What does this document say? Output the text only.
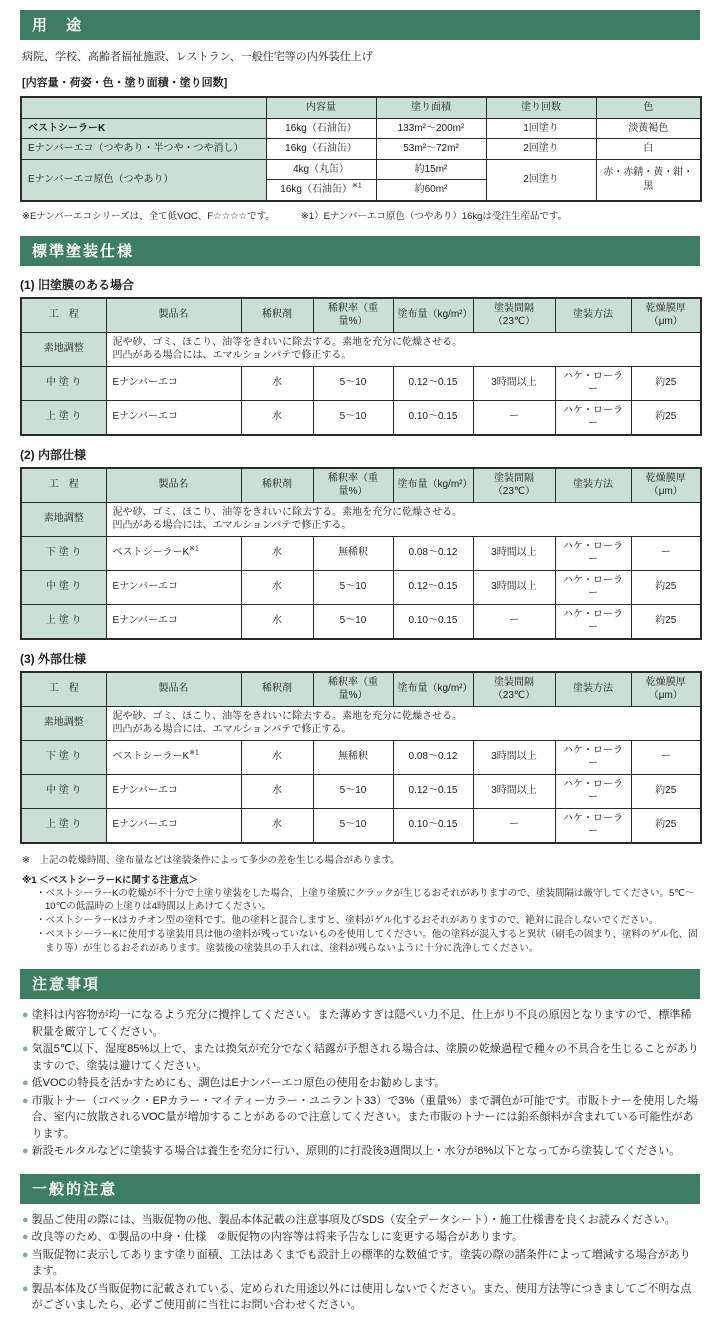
用　途
病院、学校、高齢者福祉施設、レストラン、一般住宅等の内外装仕上げ
[内容量・荷姿・色・塗り面積・塗り回数]
	内容量	塗り面積	塗り回数	色
ベストシーラーK	16kg（石油缶）	133m²〜200m²	1回塗り	淡黄褐色
Eナンバーエコ（つやあり・半つや・つや消し）	16kg（石油缶）	53m²〜72m²	2回塗り	白
Eナンバーエコ原色（つやあり）	4kg（丸缶）	約15m²	2回塗り	赤・赤錆・黄・紺・黒
	16kg（石油缶）$^{※1}$	約60m²		
※Eナンバーエコシリーズは、全て低VOC、F☆☆☆☆です。	※1）Eナンバーエコ原色（つやあり）16kgは受注生産品です。
標準塗装仕様
(1) 旧塗膜のある場合
工　程	製品名	稀釈剤	稀釈率（重量%）	塗布量（kg/m²）	塗装間隔（23℃）	塗装方法	乾燥膜厚（μm）
素地調整	泥や砂、ゴミ、ほこり、油等をきれいに除去する。素地を充分に乾燥させる。
凹凸がある場合には、エマルションパテで修正する。						

中 塗 り	Eナンバーエコ	水	5〜10	0.12〜0.15	3時間以上	ハケ・ローラー	約25
上 塗 り	Eナンバーエコ	水	5〜10	0.10〜0.15	ー	ハケ・ローラー	約25
(2) 内部仕様
工　程	製品名	稀釈剤	稀釈率（重量%）	塗布量（kg/m²）	塗装間隔（23℃）	塗装方法	乾燥膜厚（μm）
素地調整	泥や砂、ゴミ、ほこり、油等をきれいに除去する。素地を充分に乾燥させる。
凹凸がある場合には、エマルションパテで修正する。						

下 塗 り	ベストシーラー$K^{※1}$	水	無稀釈	0.08〜0.12	3時間以上	ハケ・ローラー	ー
中 塗 り	Eナンバーエコ	水	5〜10	0.12〜0.15	3時間以上	ハケ・ローラー	約25
上 塗 り	Eナンバーエコ	水	5〜10	0.10〜0.15	ー	ハケ・ローラー	約25
(3) 外部仕様
工　程	製品名	稀釈剤	稀釈率（重量%）	塗布量（kg/m²）	塗装間隔（23℃）	塗装方法	乾燥膜厚（μm）
素地調整	泥や砂、ゴミ、ほこり、油等をきれいに除去する。素地を充分に乾燥させる。
凹凸がある場合には、エマルションパテで修正する。						

下 塗 り	ベストシーラー$K^{※1}$	水	無稀釈	0.08〜0.12	3時間以上	ハケ・ローラー	ー
中 塗 り	Eナンバーエコ	水	5〜10	0.12〜0.15	3時間以上	ハケ・ローラー	約25
上 塗 り	Eナンバーエコ	水	5〜10	0.10〜0.15	ー	ハケ・ローラー	約25
※　上記の乾燥時間、塗布量などは塗装条件によって多少の差を生じる場合があります。
※1 ＜ベストシーラーKに関する注意点＞
・ベストシーラーKの乾燥が不十分で上塗り塗装をした場合、上塗り塗膜にクラックが生じるおそれがありますので、塗装間隔は厳守してください。5℃〜10℃の低温時の上塗りは4時間以上あけてください。
・ベストシーラーKはカチオン型の塗料です。他の塗料と混合しますと、塗料がゲル化するおそれがありますので、絶対に混合しないでください。
・ベストシーラーKに使用する塗装用具は他の塗料が残っていないものを使用してください。他の塗料が混入すると異状（刷毛の固まり、塗料のゲル化、固まり等）が生じるおそれがあります。塗装後の塗装具の手入れは、塗料が残らないように十分に洗浄してください。
注意事項
● 塗料は内容物が均一になるよう充分に攪拌してください。また薄めすぎは隠ぺい力不足、仕上がり不良の原因となりますので、標準稀釈量を厳守してください。
● 気温5℃以下、湿度85%以上で、または換気が充分でなく結露が予想される場合は、塗膜の乾燥過程で種々の不具合を生じることがありますので、塗装は避けてください。
● 低VOCの特長を活かすためにも、調色はEナンバーエコ原色の使用をお勧めします。
● 市販トナー（コベック・EPカラー・マイティーカラー・ユニラント33）で3%（重量%）まで調色が可能です。市販トナーを使用した場合、室内に放散されるVOC量が増加することがあるので注意してください。また市販のトナーには鉛系顔料が含まれている可能性があります。
● 新設モルタルなどに塗装する場合は養生を充分に行い、原則的に打設後3週間以上・水分が8%以下となってから塗装してください。
一般的注意
● 製品ご使用の際には、当販促物の他、製品本体記載の注意事項及びSDS（安全データシート）・施工仕様書を良くお読みください。
● 改良等のため、①製品の中身・仕様　②販促物の内容等は将来予告なしに変更する場合があります。
● 当販促物に表示してあります塗り面積、工法はあくまでも設計上の標準的な数値です。塗装の際の諸条件によって増減する場合があります。
● 製品本体及び当販促物に記載されている、定められた用途以外には使用しないでください。また、使用方法等につきましてご不明な点がございましたら、必ずご使用前に当社にお問い合わせください。
